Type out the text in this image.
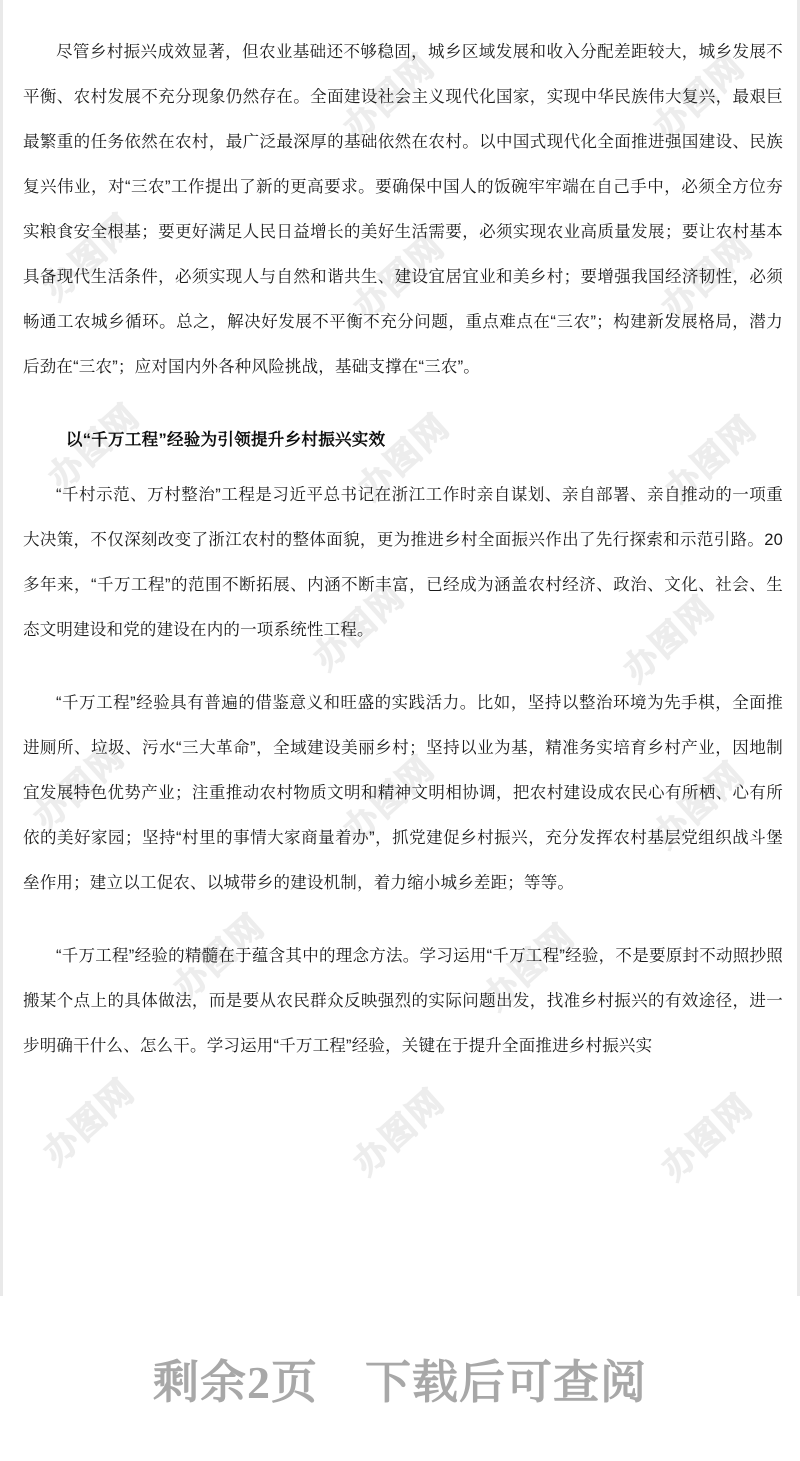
办图网	办图网
办图网	办图网	办图网
办图网	办图网	办图网
办图网	办图网
办图网	办图网	办图网
办图网	办图网
办图网	办图网	办图网

尽管乡村振兴成效显著，但农业基础还不够稳固，城乡区域发展和收入分配差距较大，城乡发展不平衡、农村发展不充分现象仍然存在。全面建设社会主义现代化国家，实现中华民族伟大复兴，最艰巨最繁重的任务依然在农村，最广泛最深厚的基础依然在农村。以中国式现代化全面推进强国建设、民族复兴伟业，对“三农”工作提出了新的更高要求。要确保中国人的饭碗牢牢端在自己手中，必须全方位夯实粮食安全根基；要更好满足人民日益增长的美好生活需要，必须实现农业高质量发展；要让农村基本具备现代生活条件，必须实现人与自然和谐共生、建设宜居宜业和美乡村；要增强我国经济韧性，必须畅通工农城乡循环。总之，解决好发展不平衡不充分问题，重点难点在“三农”；构建新发展格局，潜力后劲在“三农”；应对国内外各种风险挑战，基础支撑在“三农”。

以“千万工程”经验为引领提升乡村振兴实效

“千村示范、万村整治”工程是习近平总书记在浙江工作时亲自谋划、亲自部署、亲自推动的一项重大决策，不仅深刻改变了浙江农村的整体面貌，更为推进乡村全面振兴作出了先行探索和示范引路。20 多年来，“千万工程”的范围不断拓展、内涵不断丰富，已经成为涵盖农村经济、政治、文化、社会、生态文明建设和党的建设在内的一项系统性工程。

“千万工程”经验具有普遍的借鉴意义和旺盛的实践活力。比如，坚持以整治环境为先手棋，全面推进厕所、垃圾、污水“三大革命”，全域建设美丽乡村；坚持以业为基，精准务实培育乡村产业，因地制宜发展特色优势产业；注重推动农村物质文明和精神文明相协调，把农村建设成农民心有所栖、心有所依的美好家园；坚持“村里的事情大家商量着办”，抓党建促乡村振兴，充分发挥农村基层党组织战斗堡垒作用；建立以工促农、以城带乡的建设机制，着力缩小城乡差距；等等。

“千万工程”经验的精髓在于蕴含其中的理念方法。学习运用“千万工程”经验，不是要原封不动照抄照搬某个点上的具体做法，而是要从农民群众反映强烈的实际问题出发，找准乡村振兴的有效途径，进一步明确干什么、怎么干。学习运用“千万工程”经验，关键在于提升全面推进乡村振兴实

剩余2页　下载后可查阅
